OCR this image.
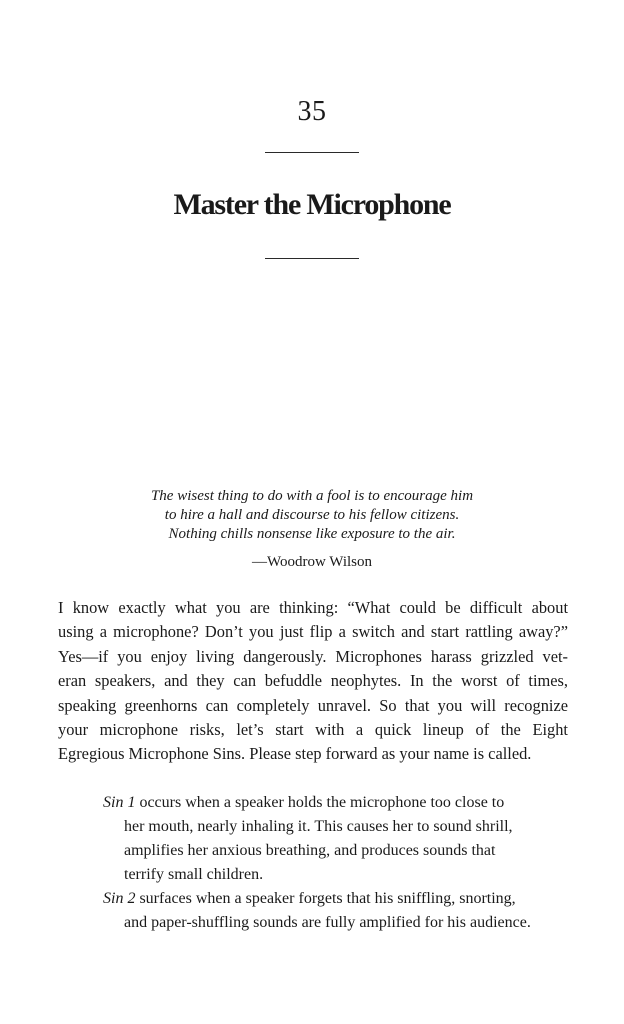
35
Master the Microphone
The wisest thing to do with a fool is to encourage him
to hire a hall and discourse to his fellow citizens.
Nothing chills nonsense like exposure to the air.
—Woodrow Wilson

I know exactly what you are thinking: “What could be difficult about
using a microphone? Don’t you just flip a switch and start rattling away?”
Yes—if you enjoy living dangerously. Microphones harass grizzled vet-
eran speakers, and they can befuddle neophytes. In the worst of times,
speaking greenhorns can completely unravel. So that you will recognize
your microphone risks, let’s start with a quick lineup of the Eight
Egregious Microphone Sins. Please step forward as your name is called.

Sin 1 occurs when a speaker holds the microphone too close to
her mouth, nearly inhaling it. This causes her to sound shrill,
amplifies her anxious breathing, and produces sounds that
terrify small children.
Sin 2 surfaces when a speaker forgets that his sniffling, snorting,
and paper-shuffling sounds are fully amplified for his audience.
